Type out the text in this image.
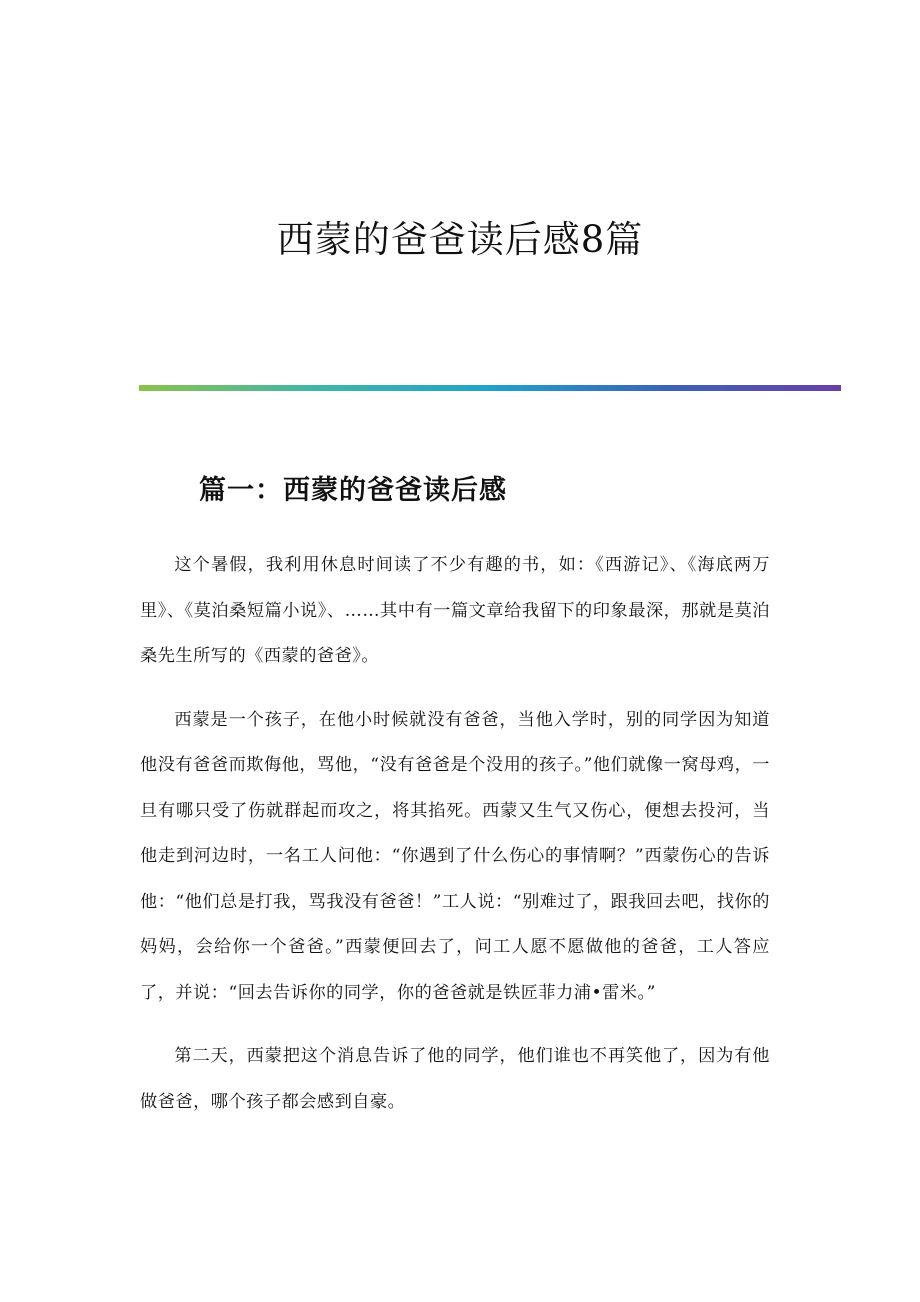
西蒙的爸爸读后感8篇
篇一：西蒙的爸爸读后感

这个暑假，我利用休息时间读了不少有趣的书，如：《西游记》、《海底两万里》、《莫泊桑短篇小说》、……其中有一篇文章给我留下的印象最深，那就是莫泊桑先生所写的《西蒙的爸爸》。

西蒙是一个孩子，在他小时候就没有爸爸，当他入学时，别的同学因为知道他没有爸爸而欺侮他，骂他，“没有爸爸是个没用的孩子。”他们就像一窝母鸡，一旦有哪只受了伤就群起而攻之，将其掐死。西蒙又生气又伤心，便想去投河，当他走到河边时，一名工人问他：“你遇到了什么伤心的事情啊？”西蒙伤心的告诉他：“他们总是打我，骂我没有爸爸！”工人说：“别难过了，跟我回去吧，找你的妈妈，会给你一个爸爸。”西蒙便回去了，问工人愿不愿做他的爸爸，工人答应了，并说：“回去告诉你的同学，你的爸爸就是铁匠菲力浦•雷米。”

第二天，西蒙把这个消息告诉了他的同学，他们谁也不再笑他了，因为有他做爸爸，哪个孩子都会感到自豪。
